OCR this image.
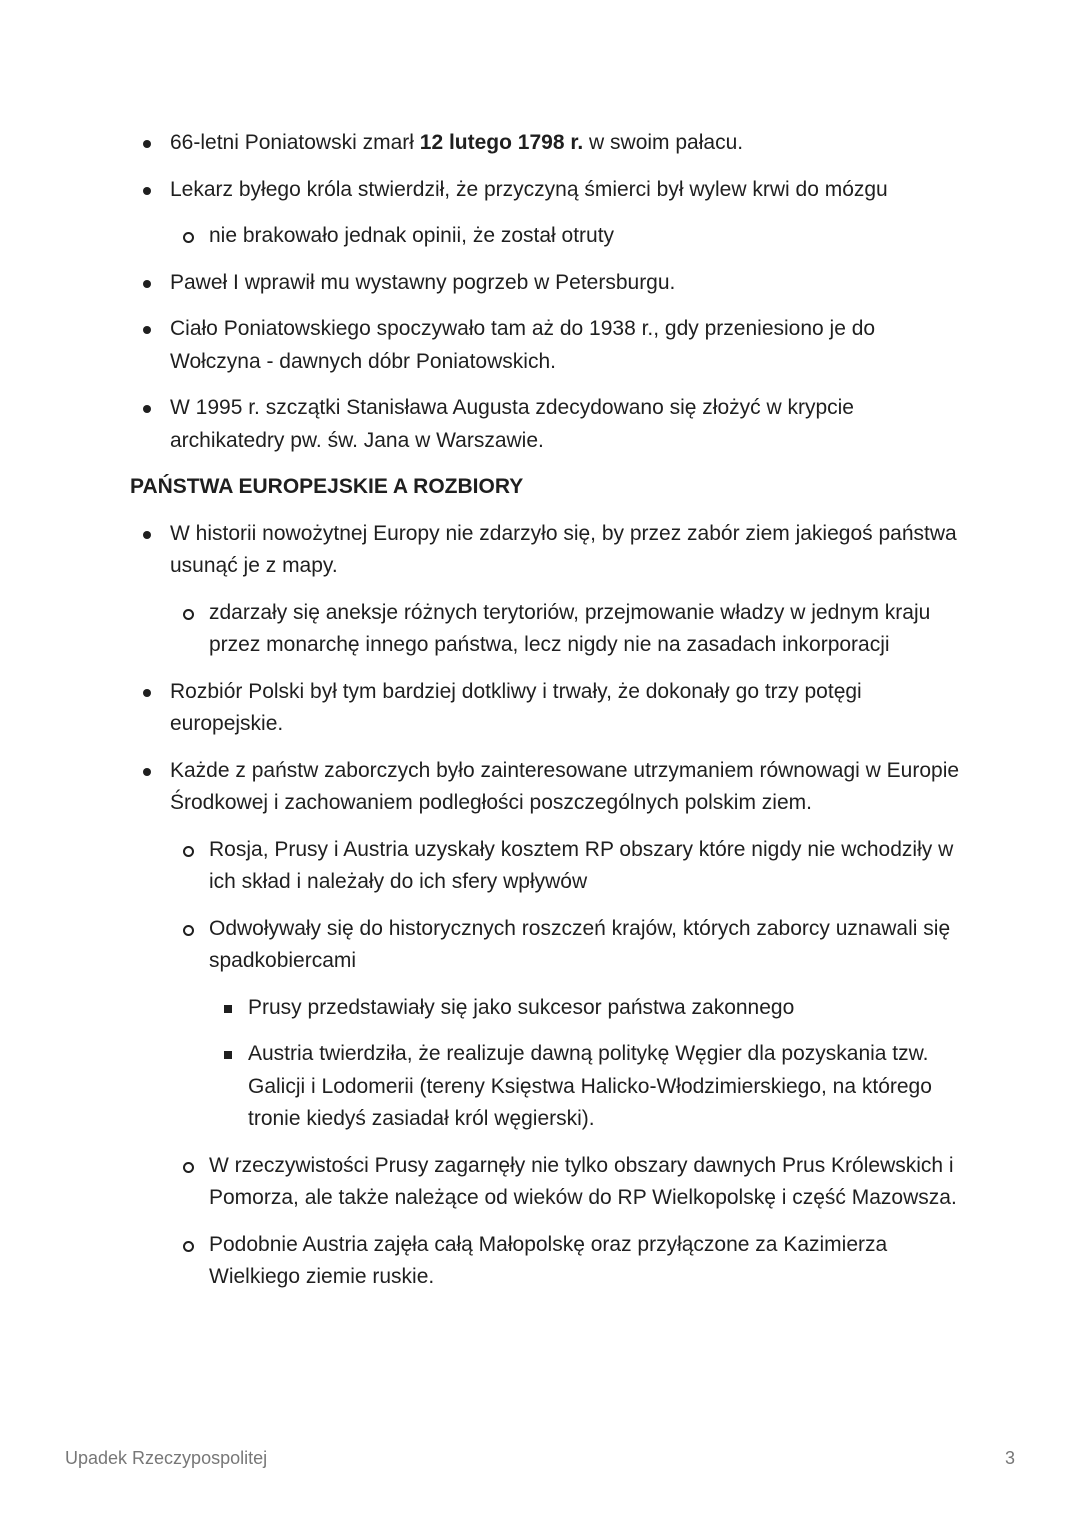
66-letni Poniatowski zmarł 12 lutego 1798 r. w swoim pałacu.
Lekarz byłego króla stwierdził, że przyczyną śmierci był wylew krwi do mózgu
nie brakowało jednak opinii, że został otruty
Paweł I wprawił mu wystawny pogrzeb w Petersburgu.
Ciało Poniatowskiego spoczywało tam aż do 1938 r., gdy przeniesiono je do Wołczyna - dawnych dóbr Poniatowskich.
W 1995 r. szczątki Stanisława Augusta zdecydowano się złożyć w krypcie archikatedry pw. św. Jana w Warszawie.
PAŃSTWA EUROPEJSKIE A ROZBIORY
W historii nowożytnej Europy nie zdarzyło się, by przez zabór ziem jakiegoś państwa usunąć je z mapy.
zdarzały się aneksje różnych terytoriów, przejmowanie władzy w jednym kraju przez monarchę innego państwa, lecz nigdy nie na zasadach inkorporacji
Rozbiór Polski był tym bardziej dotkliwy i trwały, że dokonały go trzy potęgi europejskie.
Każde z państw zaborczych było zainteresowane utrzymaniem równowagi w Europie Środkowej i zachowaniem podległości poszczególnych polskim ziem.
Rosja, Prusy i Austria uzyskały kosztem RP obszary które nigdy nie wchodziły w ich skład i należały do ich sfery wpływów
Odwoływały się do historycznych roszczeń krajów, których zaborcy uznawali się spadkobiercami
Prusy przedstawiały się jako sukcesor państwa zakonnego
Austria twierdziła, że realizuje dawną politykę Węgier dla pozyskania tzw. Galicji i Lodomerii (tereny Księstwa Halicko-Włodzimierskiego, na którego tronie kiedyś zasiadał król węgierski).
W rzeczywistości Prusy zagarnęły nie tylko obszary dawnych Prus Królewskich i Pomorza, ale także należące od wieków do RP Wielkopolskę i część Mazowsza.
Podobnie Austria zajęła całą Małopolskę oraz przyłączone za Kazimierza Wielkiego ziemie ruskie.
Upadek Rzeczypospolitej	3
